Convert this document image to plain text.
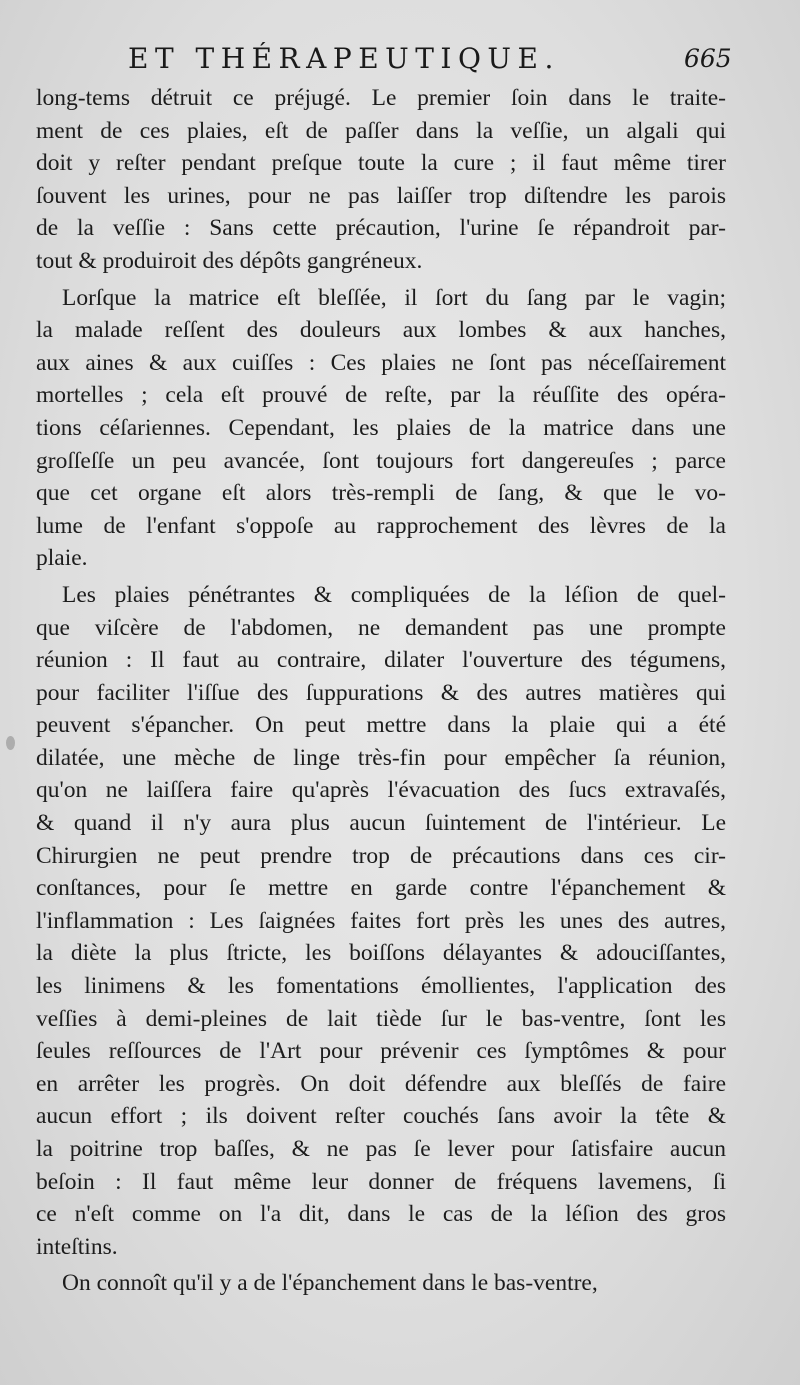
ET THÉRAPEUTIQUE.	665
long-tems détruit ce préjugé. Le premier ſoin dans le traite-
ment de ces plaies, eſt de paſſer dans la veſſie, un algali qui
doit y reſter pendant preſque toute la cure ; il faut même tirer
ſouvent les urines, pour ne pas laiſſer trop diſtendre les parois
de la veſſie : Sans cette précaution, l'urine ſe répandroit par-
tout & produiroit des dépôts gangréneux.
Lorſque la matrice eſt bleſſée, il ſort du ſang par le vagin;
la malade reſſent des douleurs aux lombes & aux hanches,
aux aines & aux cuiſſes : Ces plaies ne ſont pas néceſſairement
mortelles ; cela eſt prouvé de reſte, par la réuſſite des opéra-
tions céſariennes. Cependant, les plaies de la matrice dans une
groſſeſſe un peu avancée, ſont toujours fort dangereuſes ; parce
que cet organe eſt alors très-rempli de ſang, & que le vo-
lume de l'enfant s'oppoſe au rapprochement des lèvres de la
plaie.
Les plaies pénétrantes & compliquées de la léſion de quel-
que viſcère de l'abdomen, ne demandent pas une prompte
réunion : Il faut au contraire, dilater l'ouverture des tégumens,
pour faciliter l'iſſue des ſuppurations & des autres matières qui
peuvent s'épancher. On peut mettre dans la plaie qui a été
dilatée, une mèche de linge très-fin pour empêcher ſa réunion,
qu'on ne laiſſera faire qu'après l'évacuation des ſucs extravaſés,
& quand il n'y aura plus aucun ſuintement de l'intérieur. Le
Chirurgien ne peut prendre trop de précautions dans ces cir-
conſtances, pour ſe mettre en garde contre l'épanchement &
l'inflammation : Les ſaignées faites fort près les unes des autres,
la diète la plus ſtricte, les boiſſons délayantes & adouciſſantes,
les linimens & les fomentations émollientes, l'application des
veſſies à demi-pleines de lait tiède ſur le bas-ventre, ſont les
ſeules reſſources de l'Art pour prévenir ces ſymptômes & pour
en arrêter les progrès. On doit défendre aux bleſſés de faire
aucun effort ; ils doivent reſter couchés ſans avoir la tête &
la poitrine trop baſſes, & ne pas ſe lever pour ſatisfaire aucun
beſoin : Il faut même leur donner de fréquens lavemens, ſi
ce n'eſt comme on l'a dit, dans le cas de la léſion des gros
inteſtins.
On connoît qu'il y a de l'épanchement dans le bas-ventre,
